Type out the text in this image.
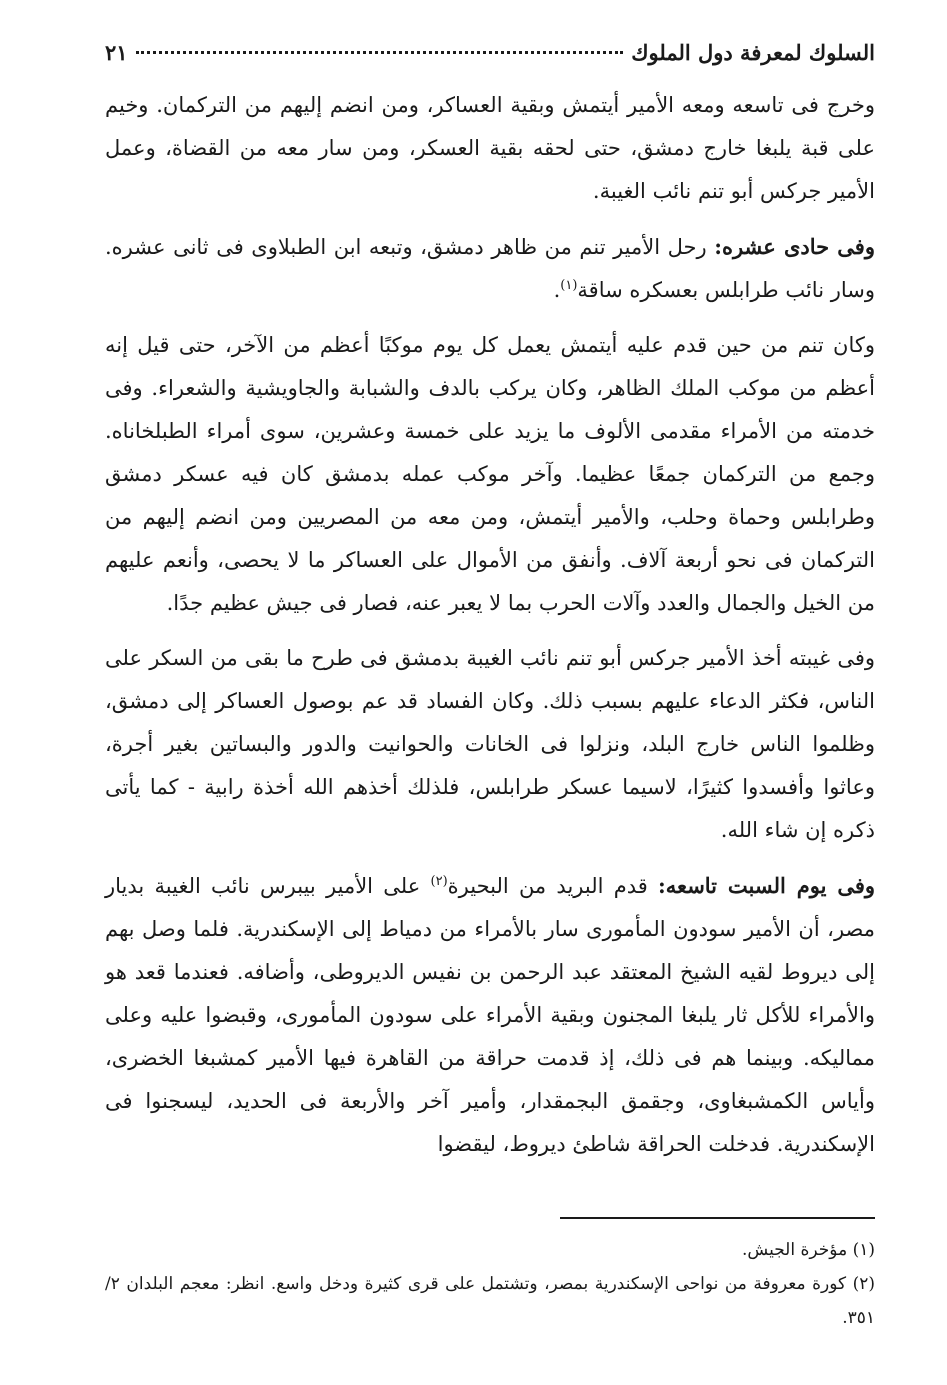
السلوك لمعرفة دول الملوك
٢١

وخرج فى تاسعه ومعه الأمير أيتمش وبقية العساكر، ومن انضم إليهم من التركمان. وخيم على قبة يلبغا خارج دمشق، حتى لحقه بقية العسكر، ومن سار معه من القضاة، وعمل الأمير جركس أبو تنم نائب الغيبة.

وفى حادى عشره: رحل الأمير تنم من ظاهر دمشق، وتبعه ابن الطبلاوى فى ثانى عشره. وسار نائب طرابلس بعسكره ساقة$^{(١)}$.

وكان تنم من حين قدم عليه أيتمش يعمل كل يوم موكبًا أعظم من الآخر، حتى قيل إنه أعظم من موكب الملك الظاهر، وكان يركب بالدف والشبابة والجاويشية والشعراء. وفى خدمته من الأمراء مقدمى الألوف ما يزيد على خمسة وعشرين، سوى أمراء الطبلخاناه. وجمع من التركمان جمعًا عظيما. وآخر موكب عمله بدمشق كان فيه عسكر دمشق وطرابلس وحماة وحلب، والأمير أيتمش، ومن معه من المصريين ومن انضم إليهم من التركمان فى نحو أربعة آلاف. وأنفق من الأموال على العساكر ما لا يحصى، وأنعم عليهم من الخيل والجمال والعدد وآلات الحرب بما لا يعبر عنه، فصار فى جيش عظيم جدًا.

وفى غيبته أخذ الأمير جركس أبو تنم نائب الغيبة بدمشق فى طرح ما بقى من السكر على الناس، فكثر الدعاء عليهم بسبب ذلك. وكان الفساد قد عم بوصول العساكر إلى دمشق، وظلموا الناس خارج البلد، ونزلوا فى الخانات والحوانيت والدور والبساتين بغير أجرة، وعاثوا وأفسدوا كثيرًا، لاسيما عسكر طرابلس، فلذلك أخذهم الله أخذة رابية - كما يأتى ذكره إن شاء الله.

وفى يوم السبت تاسعه: قدم البريد من البحيرة$^{(٢)}$ على الأمير بيبرس نائب الغيبة بديار مصر، أن الأمير سودون المأمورى سار بالأمراء من دمياط إلى الإسكندرية. فلما وصل بهم إلى ديروط لقيه الشيخ المعتقد عبد الرحمن بن نفيس الديروطى، وأضافه. فعندما قعد هو والأمراء للأكل ثار يلبغا المجنون وبقية الأمراء على سودون المأمورى، وقبضوا عليه وعلى مماليكه. وبينما هم فى ذلك، إذ قدمت حراقة من القاهرة فيها الأمير كمشبغا الخضرى، وأياس الكمشبغاوى، وجقمق البجمقدار، وأمير آخر والأربعة فى الحديد، ليسجنوا فى الإسكندرية. فدخلت الحراقة شاطئ ديروط، ليقضوا

(١) مؤخرة الجيش.

(٢) كورة معروفة من نواحى الإسكندرية بمصر، وتشتمل على قرى كثيرة ودخل واسع. انظر: معجم البلدان ٢/ ٣٥١.
